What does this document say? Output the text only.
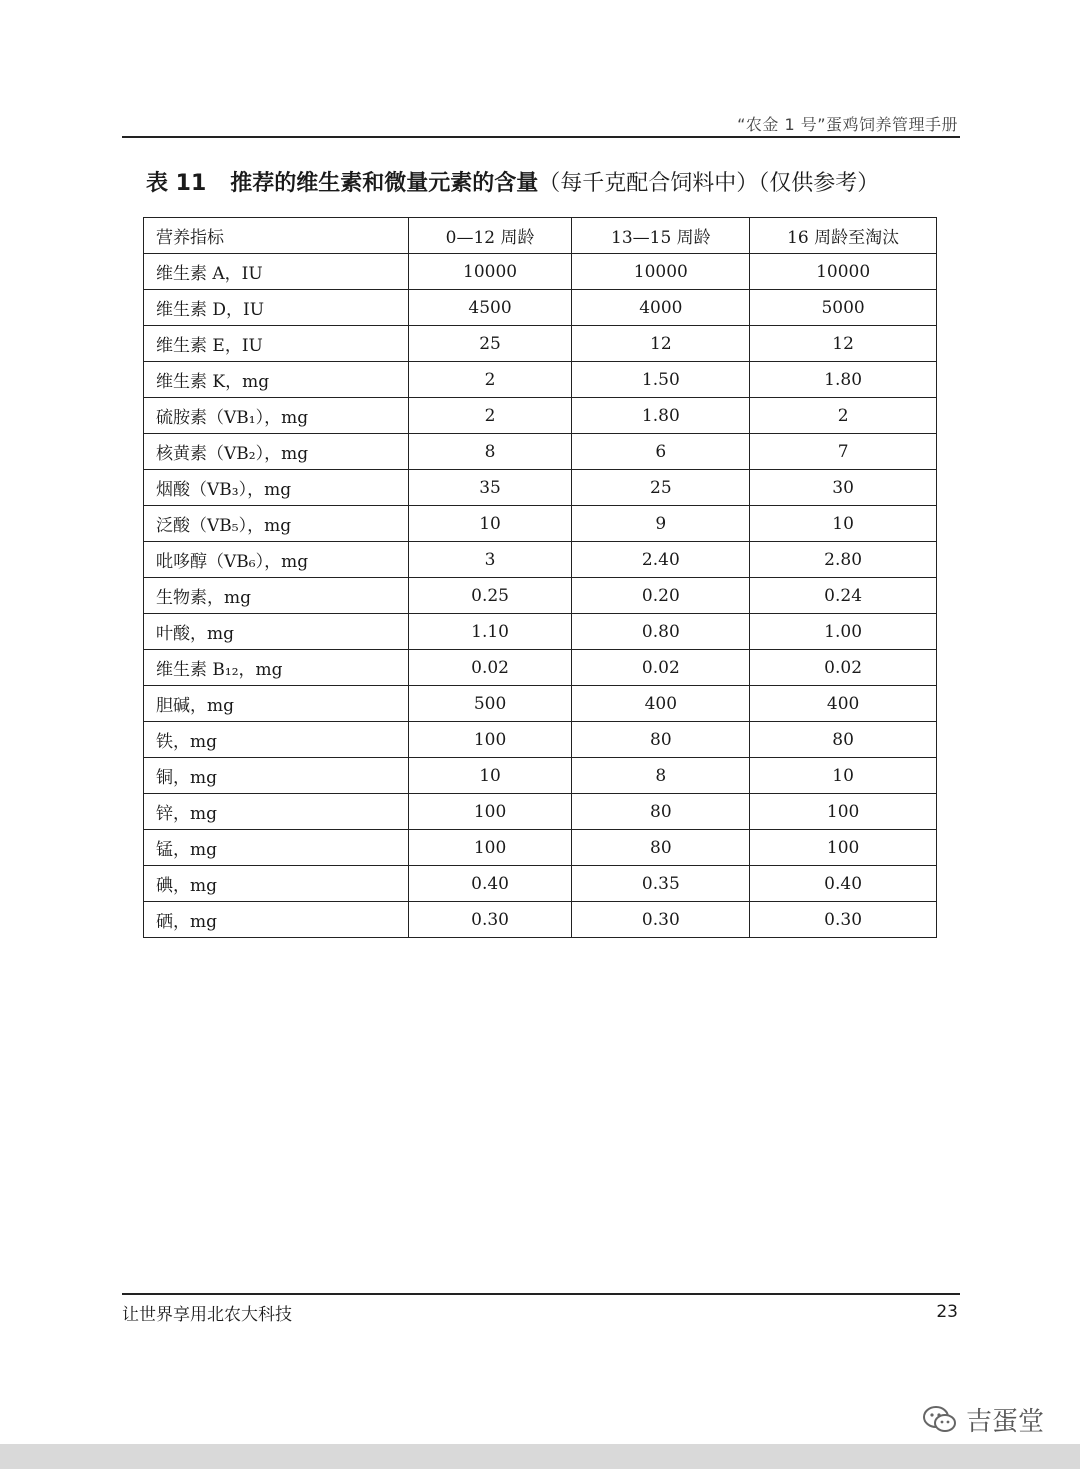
“农金 1 号”蛋鸡饲养管理手册
表 11 推荐的维生素和微量元素的含量（每千克配合饲料中）（仅供参考）
营养指标	0—12 周龄	13—15 周龄	16 周龄至淘汰
维生素 A，IU	10000	10000	10000
维生素 D，IU	4500	4000	5000
维生素 E，IU	25	12	12
维生素 K，mg	2	1.50	1.80
硫胺素（VB₁），mg	2	1.80	2
核黄素（VB₂），mg	8	6	7
烟酸（VB₃），mg	35	25	30
泛酸（VB₅），mg	10	9	10
吡哆醇（VB₆），mg	3	2.40	2.80
生物素，mg	0.25	0.20	0.24
叶酸，mg	1.10	0.80	1.00
维生素 B₁₂，mg	0.02	0.02	0.02
胆碱，mg	500	400	400
铁，mg	100	80	80
铜，mg	10	8	10
锌，mg	100	80	100
锰，mg	100	80	100
碘，mg	0.40	0.35	0.40
硒，mg	0.30	0.30	0.30
让世界享用北农大科技	23
吉蛋堂
